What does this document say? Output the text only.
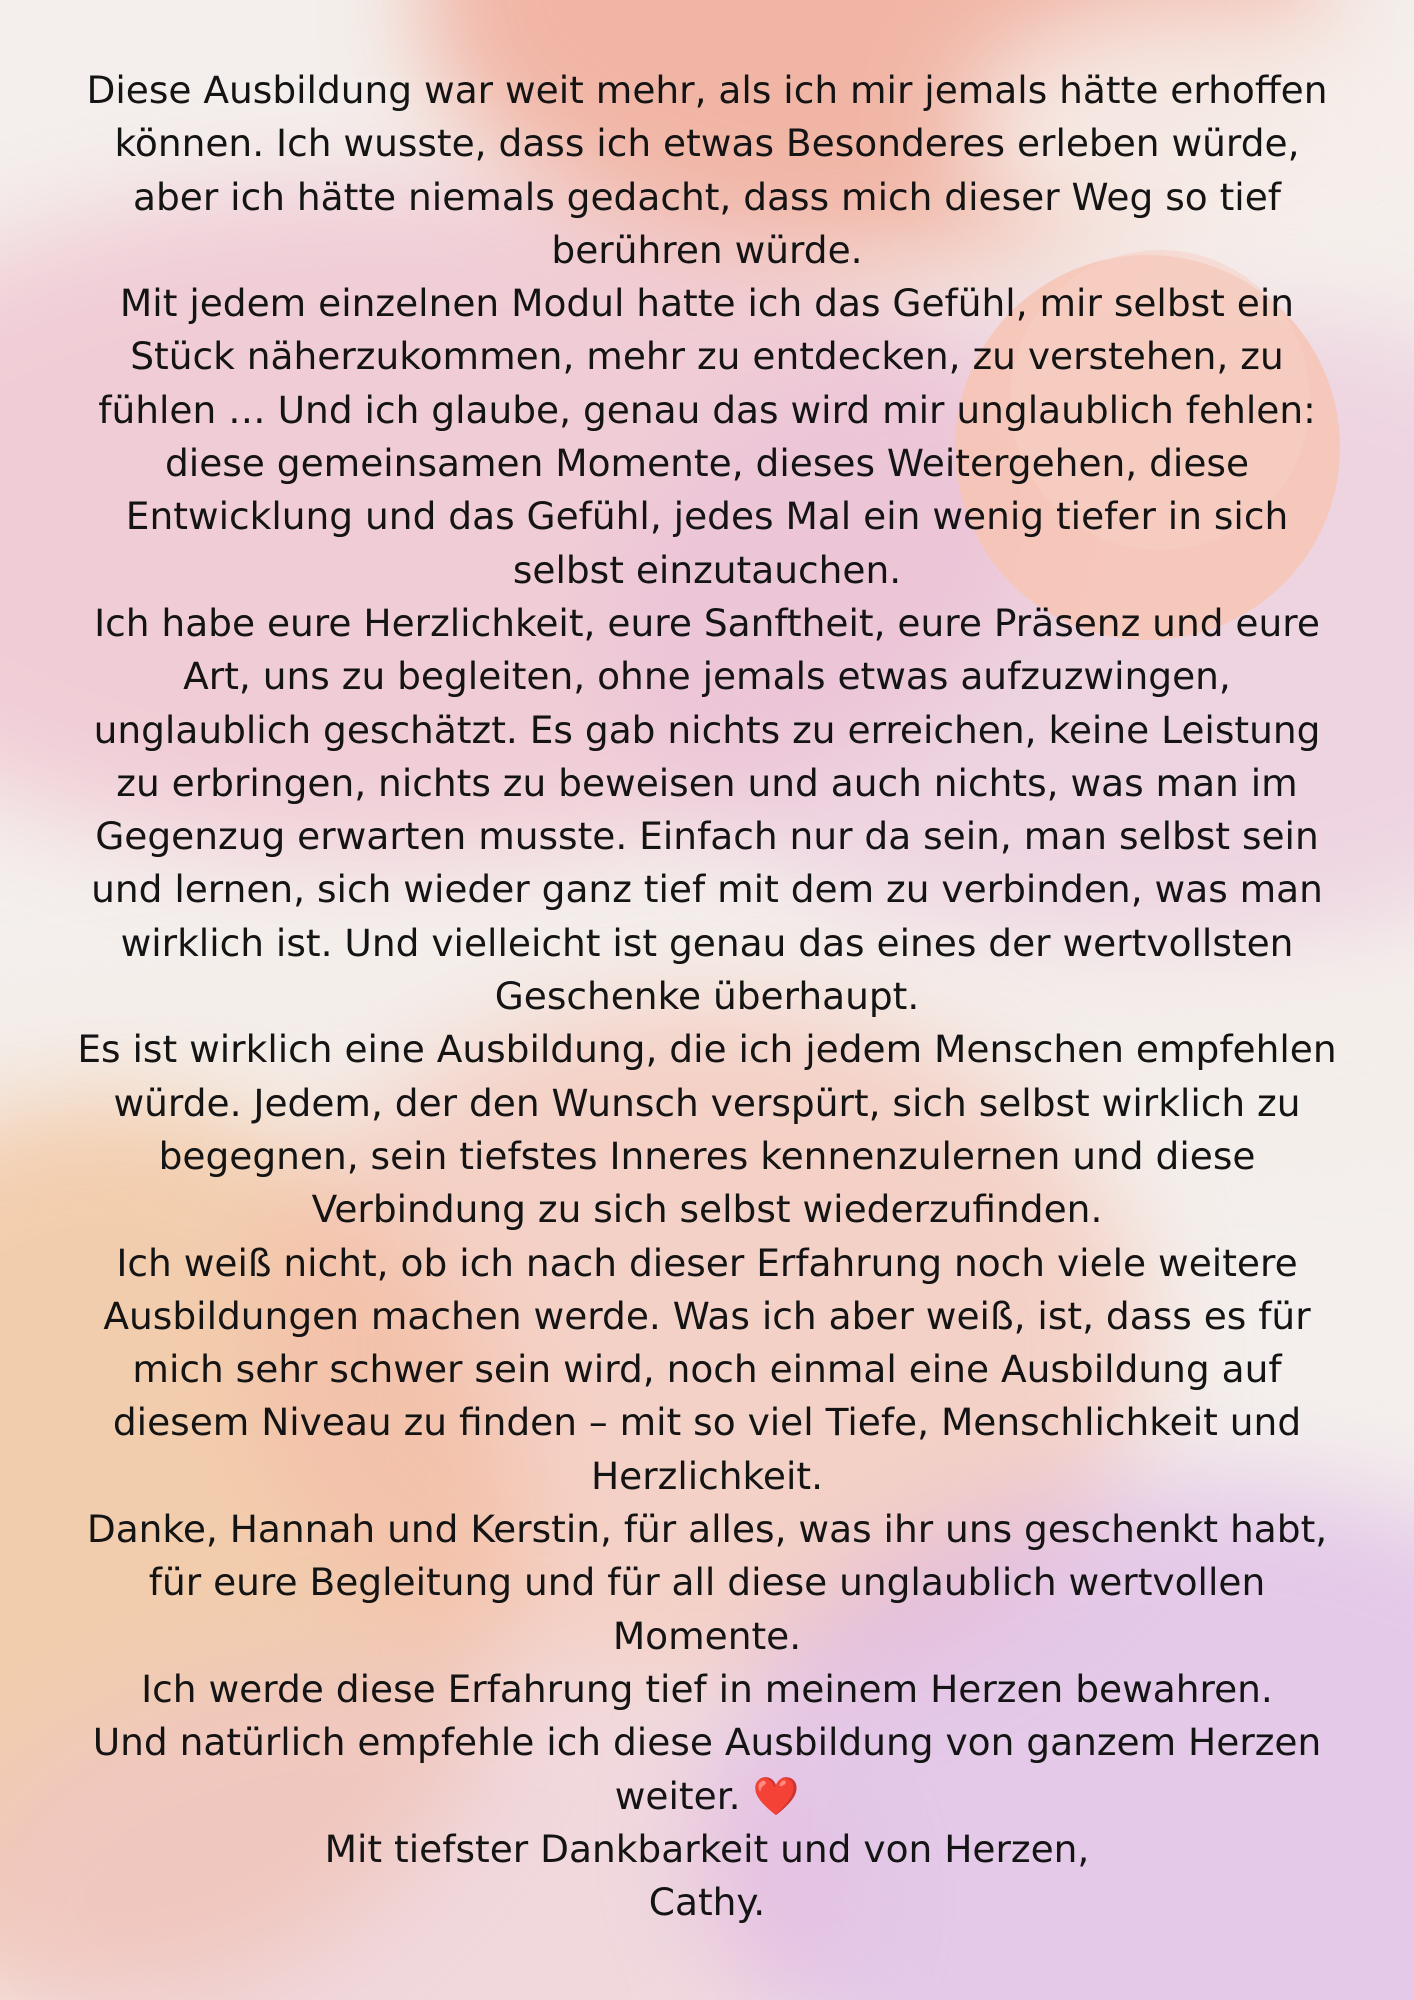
Diese Ausbildung war weit mehr, als ich mir jemals hätte erhoffen können. Ich wusste, dass ich etwas Besonderes erleben würde, aber ich hätte niemals gedacht, dass mich dieser Weg so tief berühren würde.

Mit jedem einzelnen Modul hatte ich das Gefühl, mir selbst ein Stück näherzukommen, mehr zu entdecken, zu verstehen, zu fühlen … Und ich glaube, genau das wird mir unglaublich fehlen: diese gemeinsamen Momente, dieses Weitergehen, diese Entwicklung und das Gefühl, jedes Mal ein wenig tiefer in sich selbst einzutauchen.

Ich habe eure Herzlichkeit, eure Sanftheit, eure Präsenz und eure Art, uns zu begleiten, ohne jemals etwas aufzuzwingen, unglaublich geschätzt. Es gab nichts zu erreichen, keine Leistung zu erbringen, nichts zu beweisen und auch nichts, was man im Gegenzug erwarten musste. Einfach nur da sein, man selbst sein und lernen, sich wieder ganz tief mit dem zu verbinden, was man wirklich ist. Und vielleicht ist genau das eines der wertvollsten Geschenke überhaupt.

Es ist wirklich eine Ausbildung, die ich jedem Menschen empfehlen würde. Jedem, der den Wunsch verspürt, sich selbst wirklich zu begegnen, sein tiefstes Inneres kennenzulernen und diese Verbindung zu sich selbst wiederzufinden.

Ich weiß nicht, ob ich nach dieser Erfahrung noch viele weitere Ausbildungen machen werde. Was ich aber weiß, ist, dass es für mich sehr schwer sein wird, noch einmal eine Ausbildung auf diesem Niveau zu finden – mit so viel Tiefe, Menschlichkeit und Herzlichkeit.

Danke, Hannah und Kerstin, für alles, was ihr uns geschenkt habt, für eure Begleitung und für all diese unglaublich wertvollen Momente.

Ich werde diese Erfahrung tief in meinem Herzen bewahren.

Und natürlich empfehle ich diese Ausbildung von ganzem Herzen weiter. ❤️

Mit tiefster Dankbarkeit und von Herzen,

Cathy.
